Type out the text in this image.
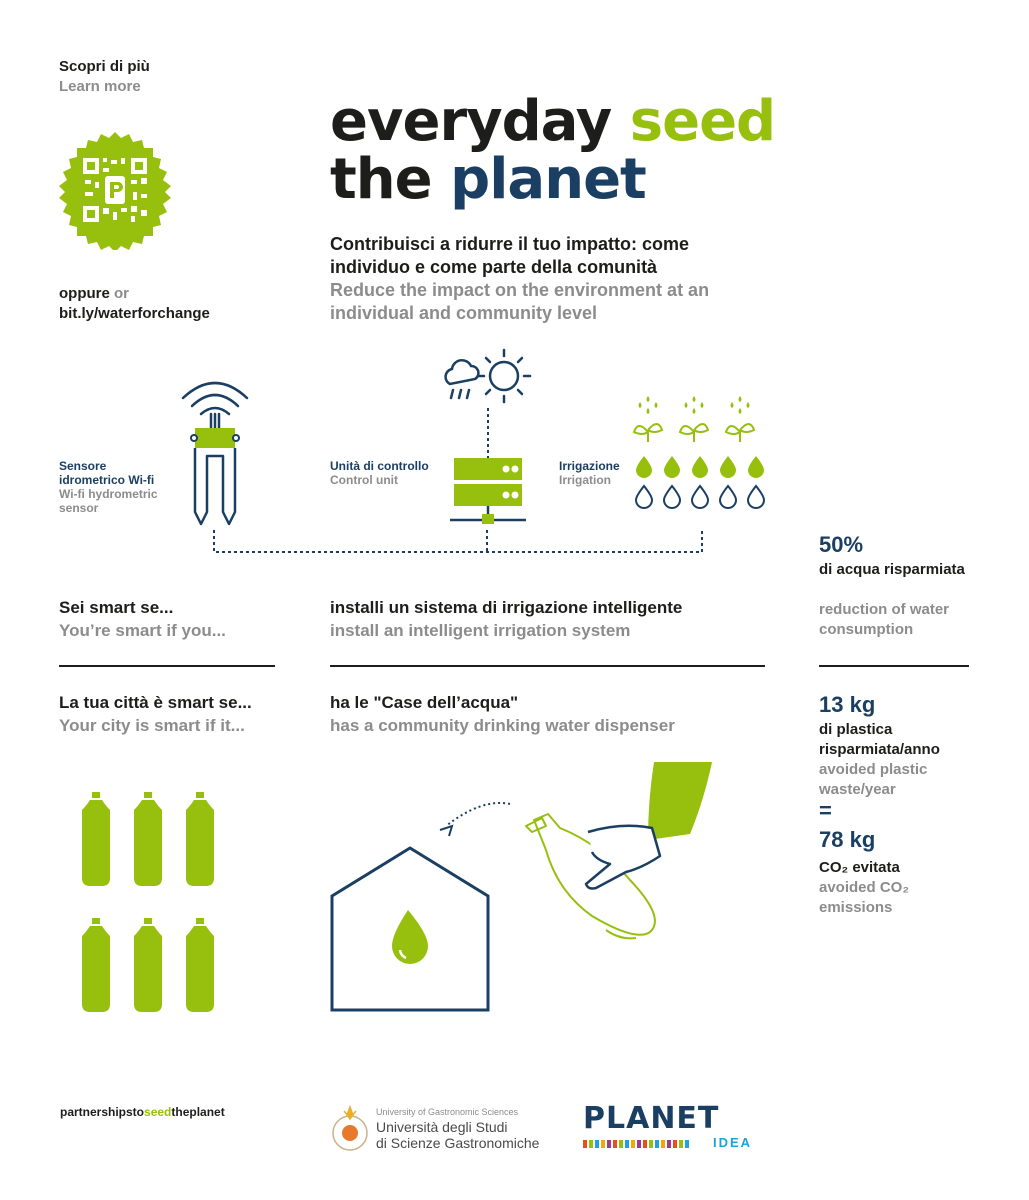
Scopri di più
Learn more
oppure or
bit.ly/waterforchange
everyday seed
the planet
Contribuisci a ridurre il tuo impatto: come individuo e come parte della comunità
Reduce the impact on the environment at an individual and community level
Sensore idrometrico Wi-fi
Wi-fi hydrometric sensor
Unità di controllo
Control unit
Irrigazione
Irrigation
Sei smart se...
You’re smart if you...
installi un sistema di irrigazione intelligente
install an intelligent irrigation system
La tua città è smart se...
Your city is smart if it...
ha le "Case dell’acqua"
has a community drinking water dispenser
50%
di acqua risparmiata
reduction of water consumption
13 kg
di plastica risparmiata/anno
avoided plastic waste/year
=
78 kg
CO₂ evitata
avoided CO₂ emissions
partnershipstoseedtheplanet	University of Gastronomic Sciences
Università degli Studi
di Scienze Gastronomiche
PLANET
IDEA
